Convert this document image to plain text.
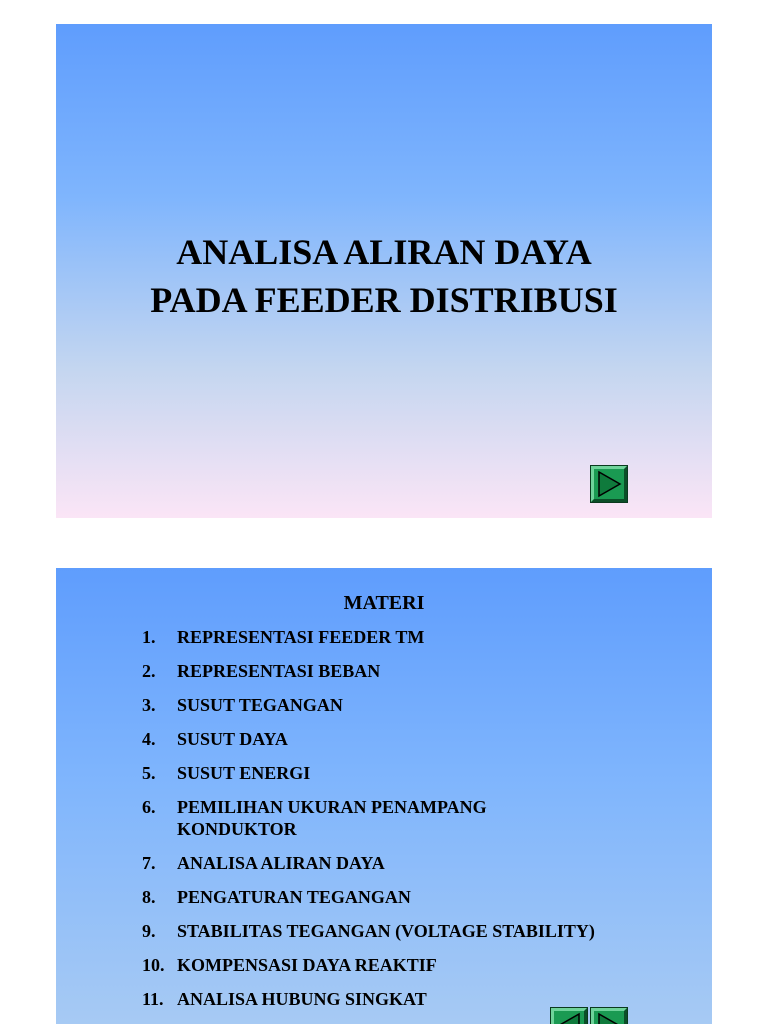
ANALISA ALIRAN DAYA
PADA FEEDER DISTRIBUSI
MATERI
1.	REPRESENTASI FEEDER TM
2.	REPRESENTASI BEBAN
3.	SUSUT TEGANGAN
4.	SUSUT DAYA
5.	SUSUT ENERGI
6.	PEMILIHAN UKURAN PENAMPANG KONDUKTOR
7.	ANALISA ALIRAN DAYA
8.	PENGATURAN TEGANGAN
9.	STABILITAS TEGANGAN (VOLTAGE STABILITY)
10. KOMPENSASI DAYA REAKTIF
11. ANALISA HUBUNG SINGKAT
